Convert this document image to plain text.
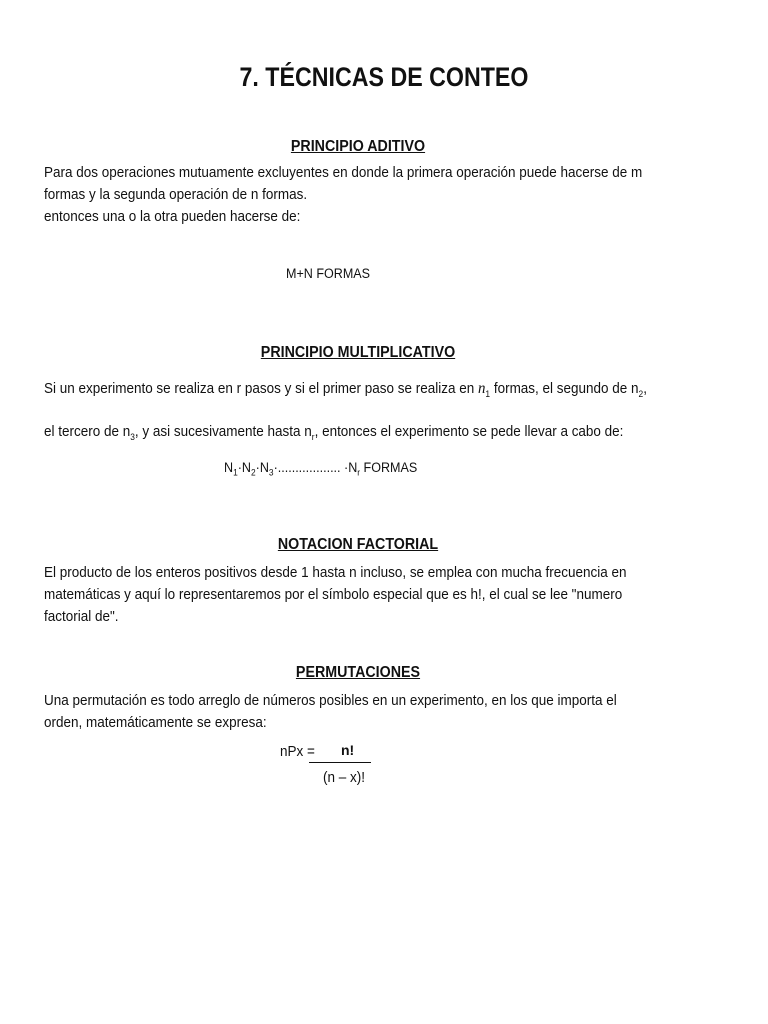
7. TÉCNICAS DE CONTEO
PRINCIPIO ADITIVO

Para dos operaciones mutuamente excluyentes en donde la primera operación puede hacerse de m

formas y la segunda operación de n formas.

entonces una o la otra pueden hacerse de:

M+N FORMAS
PRINCIPIO MULTIPLICATIVO

Si un experimento se realiza en r pasos y si el primer paso se realiza en $n_1$ formas, el segundo de $n_2$,

el tercero de $n_3$, y asi sucesivamente hasta $n_r$, entonces el experimento se pede llevar a cabo de:

$N_1\cdot N_2\cdot N_3\cdot$.................. $\cdot N_r$ FORMAS
NOTACION FACTORIAL

El producto de los enteros positivos desde 1 hasta n incluso, se emplea con mucha frecuencia en

matemáticas y aquí lo representaremos por el símbolo especial que es h!, el cual se lee "numero

factorial de".

PERMUTACIONES

Una permutación es todo arreglo de números posibles en un experimento, en los que importa el

orden, matemáticamente se expresa:

nPx = n!
(n – x)!
